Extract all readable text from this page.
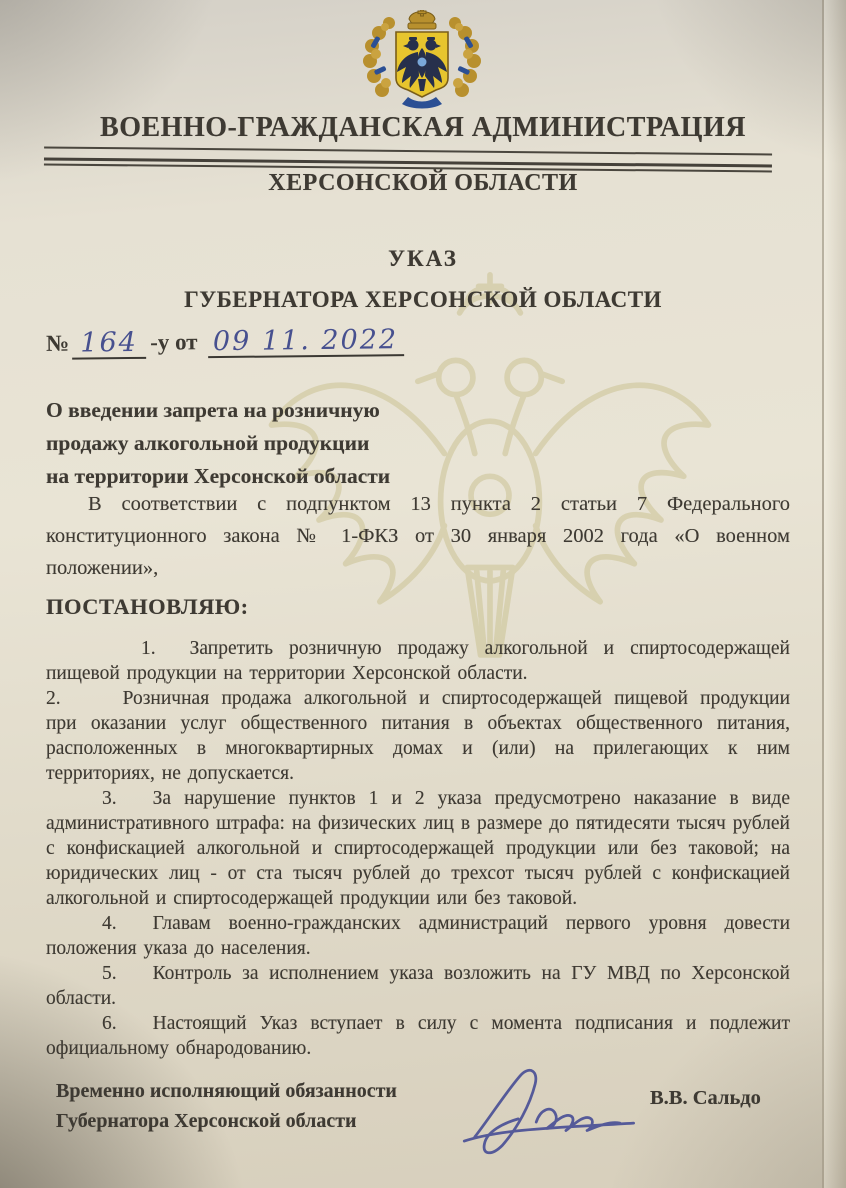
ВОЕННО-ГРАЖДАНСКАЯ АДМИНИСТРАЦИЯ
ХЕРСОНСКОЙ ОБЛАСТИ
УКАЗ
ГУБЕРНАТОРА ХЕРСОНСКОЙ ОБЛАСТИ
№ 164 -у от 09 11. 2022
О введении запрета на розничную
продажу алкогольной продукции
на территории Херсонской области
В соответствии с подпунктом 13 пункта 2 статьи 7 Федерального конституционного закона № 1-ФКЗ от 30 января 2002 года «О военном положении»,
ПОСТАНОВЛЯЮ:

1. Запретить розничную продажу алкогольной и спиртосодержащей пищевой продукции на территории Херсонской области.

2.	Розничная продажа алкогольной и спиртосодержащей пищевой продукции при оказании услуг общественного питания в объектах общественного питания, расположенных в многоквартирных домах и (или) на прилегающих к ним территориях, не допускается.

3. За нарушение пунктов 1 и 2 указа предусмотрено наказание в виде административного штрафа: на физических лиц в размере до пятидесяти тысяч рублей с конфискацией алкогольной и спиртосодержащей продукции или без таковой; на юридических лиц - от ста тысяч рублей до трехсот тысяч рублей с конфискацией алкогольной и спиртосодержащей продукции или без таковой.

4. Главам военно-гражданских администраций первого уровня довести положения указа до населения.

5. Контроль за исполнением указа возложить на ГУ МВД по Херсонской области.

6. Настоящий Указ вступает в силу с момента подписания и подлежит официальному обнародованию.

Временно исполняющий обязанности
Губернатора Херсонской области
В.В. Сальдо
